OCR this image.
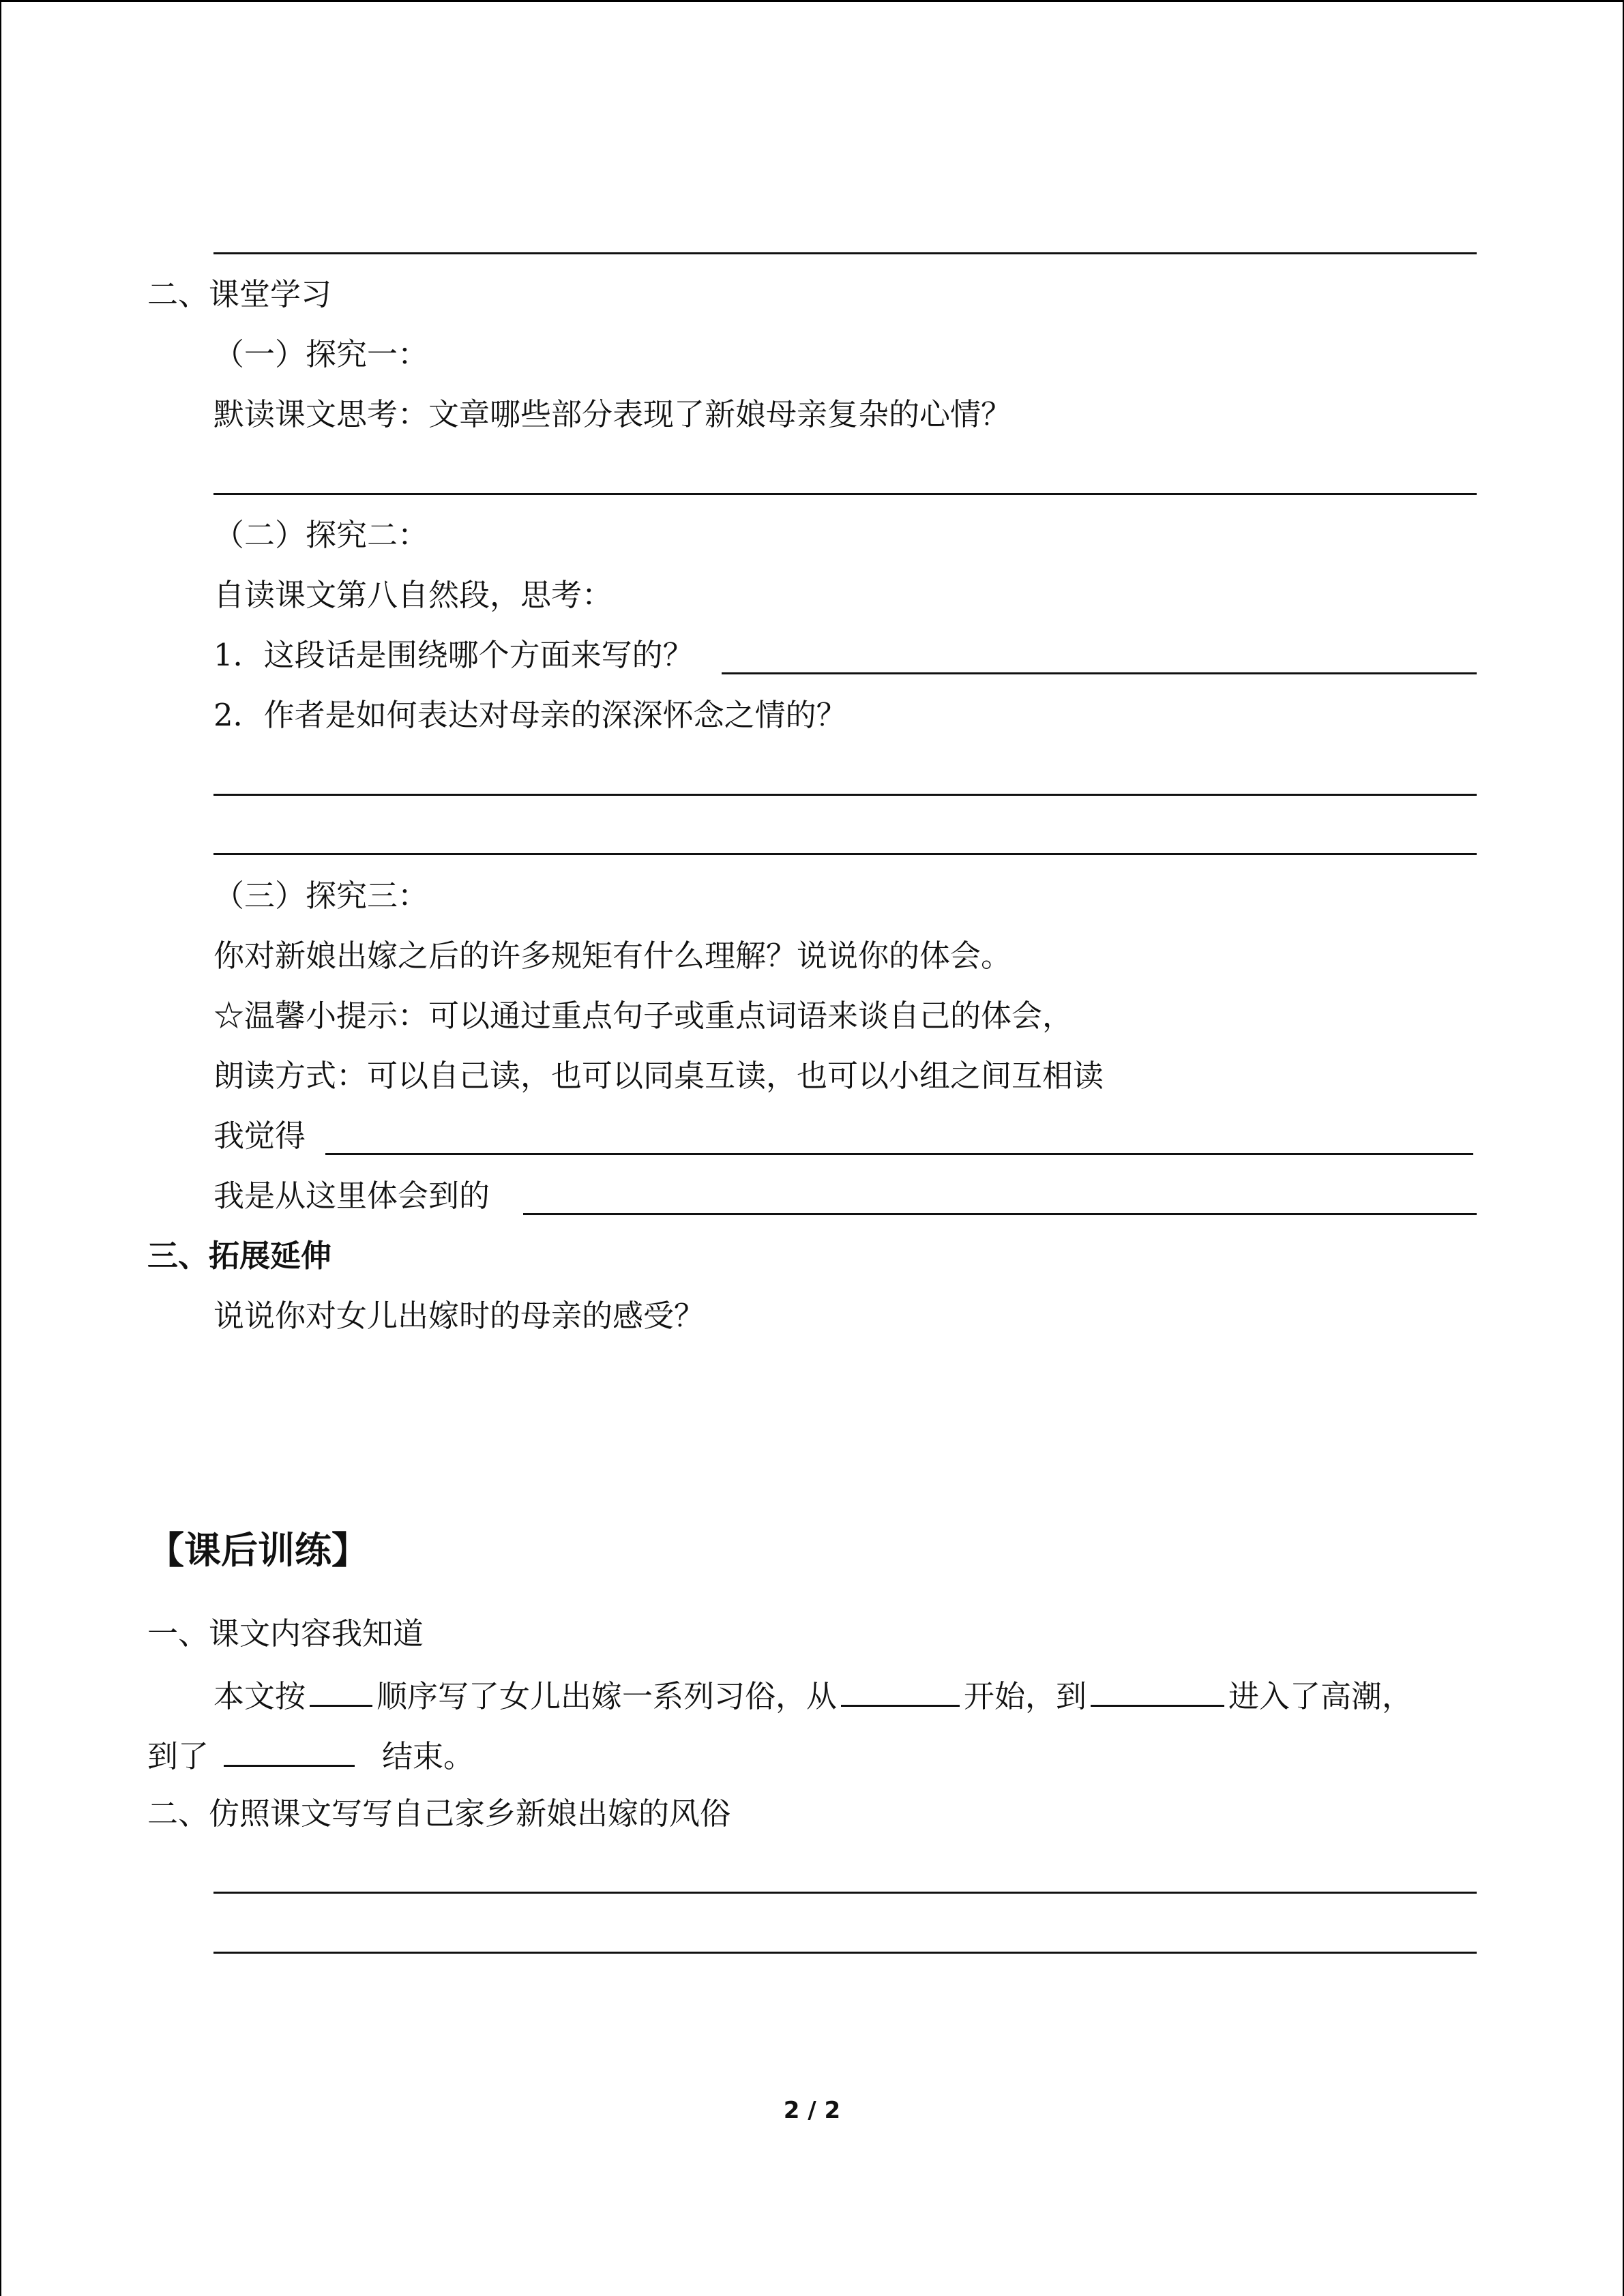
二、课堂学习
（一）探究一：
默读课文思考：文章哪些部分表现了新娘母亲复杂的心情？
（二）探究二：
自读课文第八自然段，思考：
1．这段话是围绕哪个方面来写的？
2．作者是如何表达对母亲的深深怀念之情的？
（三）探究三：
你对新娘出嫁之后的许多规矩有什么理解？说说你的体会。
☆温馨小提示：可以通过重点句子或重点词语来谈自己的体会，
朗读方式：可以自己读，也可以同桌互读，也可以小组之间互相读
我觉得
我是从这里体会到的
三、拓展延伸
说说你对女儿出嫁时的母亲的感受？
【课后训练】
一、课文内容我知道
本文按 顺序写了女儿出嫁一系列习俗，从	开始，到	进入了高潮，
到了	结束。
二、仿照课文写写自己家乡新娘出嫁的风俗
2 / 2
